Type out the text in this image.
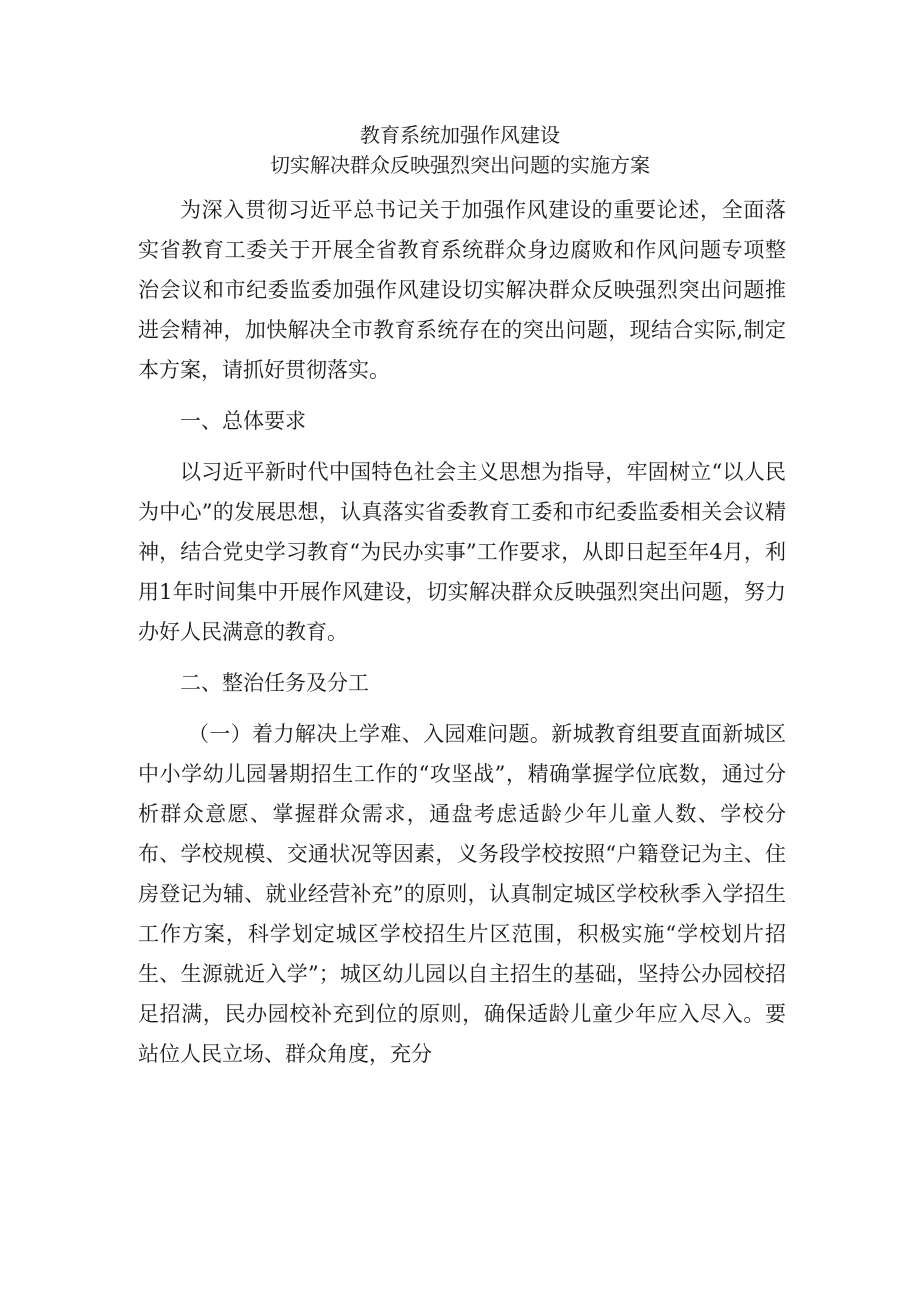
教育系统加强作风建设
切实解决群众反映强烈突出问题的实施方案

为深入贯彻习近平总书记关于加强作风建设的重要论述，全面落实省教育工委关于开展全省教育系统群众身边腐败和作风问题专项整治会议和市纪委监委加强作风建设切实解决群众反映强烈突出问题推进会精神，加快解决全市教育系统存在的突出问题，现结合实际,制定本方案，请抓好贯彻落实。

一、总体要求

以习近平新时代中国特色社会主义思想为指导，牢固树立“以人民为中心”的发展思想，认真落实省委教育工委和市纪委监委相关会议精神，结合党史学习教育“为民办实事”工作要求，从即日起至年4月，利用1年时间集中开展作风建设，切实解决群众反映强烈突出问题，努力办好人民满意的教育。

二、整治任务及分工

（一）着力解决上学难、入园难问题。新城教育组要直面新城区中小学幼儿园暑期招生工作的“攻坚战”，精确掌握学位底数，通过分析群众意愿、掌握群众需求，通盘考虑适龄少年儿童人数、学校分布、学校规模、交通状况等因素，义务段学校按照“户籍登记为主、住房登记为辅、就业经营补充”的原则，认真制定城区学校秋季入学招生工作方案，科学划定城区学校招生片区范围，积极实施“学校划片招生、生源就近入学”；城区幼儿园以自主招生的基础，坚持公办园校招足招满，民办园校补充到位的原则，确保适龄儿童少年应入尽入。要站位人民立场、群众角度，充分
